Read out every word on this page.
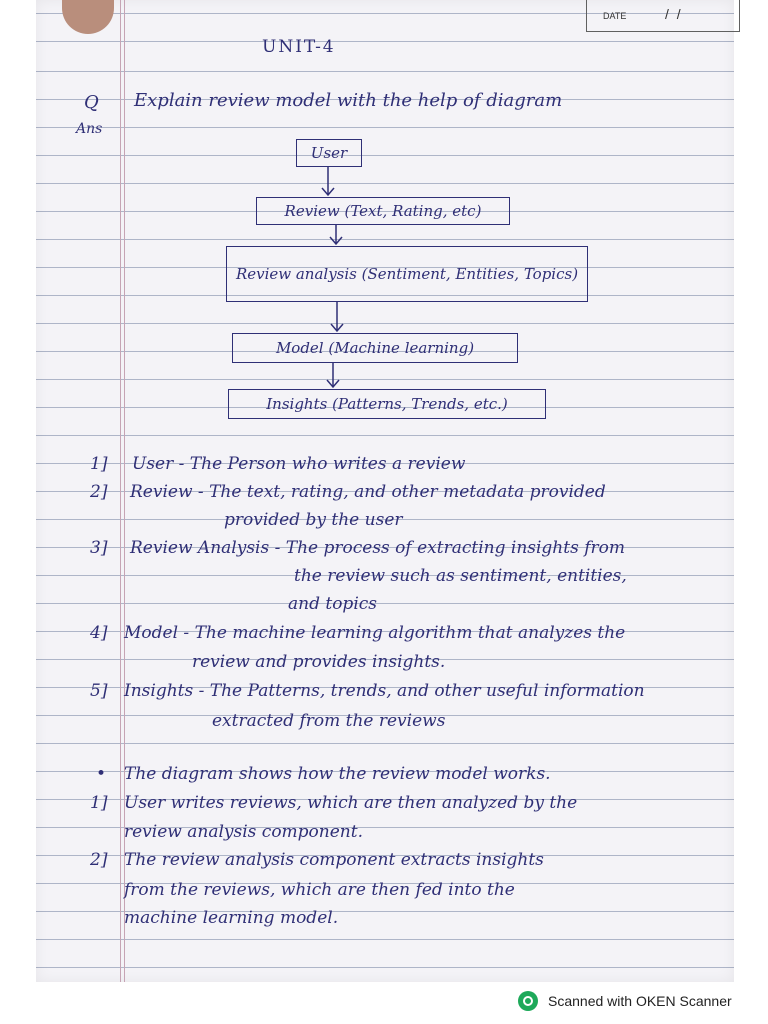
DATE	/ /
UNIT-4
Q Explain review model with the help of diagram
Ans
User
Review (Text, Rating, etc)
Review analysis (Sentiment, Entities, Topics)
Model (Machine learning)
Insights (Patterns, Trends, etc.)
1] User - The Person who writes a review
2] Review - The text, rating, and other metadata provided
provided by the user
3] Review Analysis - The process of extracting insights from
the review such as sentiment, entities,
and topics
4] Model - The machine learning algorithm that analyzes the
review and provides insights.
5] Insights - The Patterns, trends, and other useful information
extracted from the reviews
• The diagram shows how the review model works.
1] User writes reviews, which are then analyzed by the
review analysis component.
2] The review analysis component extracts insights
from the reviews, which are then fed into the
machine learning model.
Scanned with OKEN Scanner
